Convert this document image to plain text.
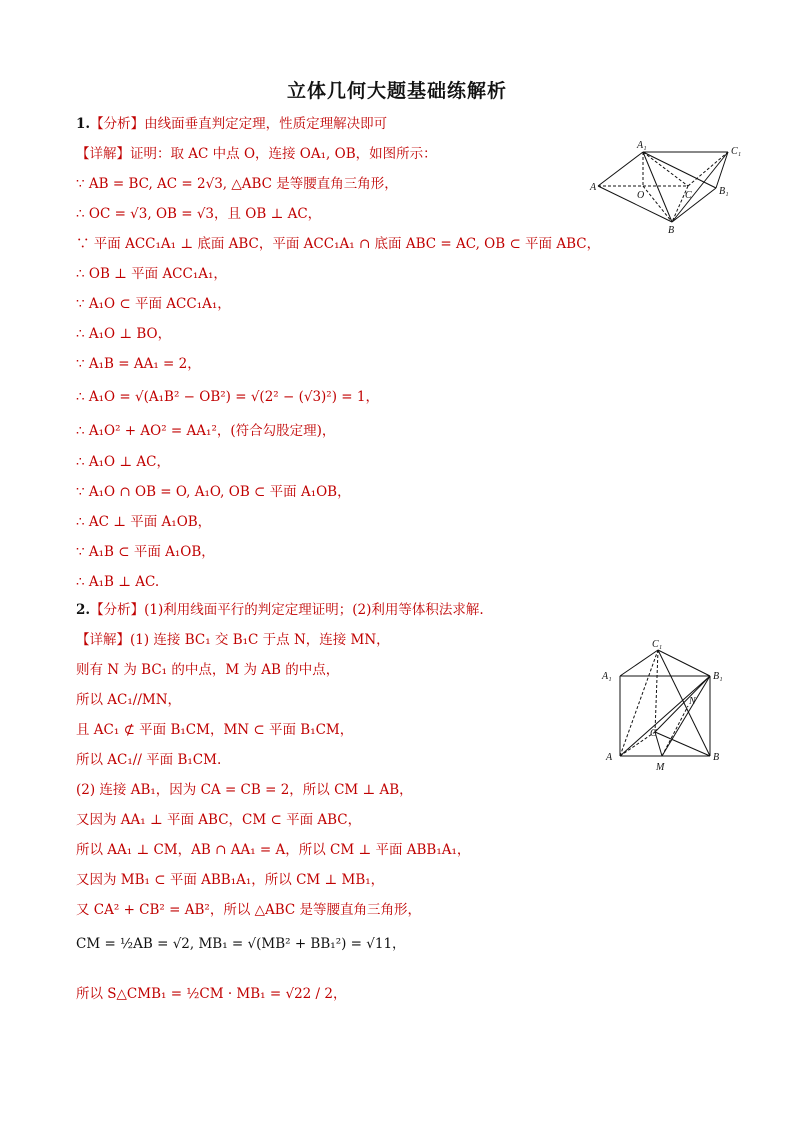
立体几何大题基础练解析
1.【分析】由线面垂直判定定理，性质定理解决即可
【详解】证明：取 AC 中点 O，连接 OA₁, OB，如图所示：
∵ AB = BC, AC = 2√3, △ABC 是等腰直角三角形，
∴ OC = √3, OB = √3，且 OB ⊥ AC，
∵ 平面 ACC₁A₁ ⊥ 底面 ABC，平面 ACC₁A₁ ∩ 底面 ABC = AC, OB ⊂ 平面 ABC，
∴ OB ⊥ 平面 ACC₁A₁，
∵ A₁O ⊂ 平面 ACC₁A₁，
∴ A₁O ⊥ BO，
∵ A₁B = AA₁ = 2，
∴ A₁O = √(A₁B² − OB²) = √(2² − (√3)²) = 1，
∴ A₁O² + AO² = AA₁²，(符合勾股定理)，
∴ A₁O ⊥ AC，
∵ A₁O ∩ OB = O, A₁O, OB ⊂ 平面 A₁OB，
∴ AC ⊥ 平面 A₁OB，
∵ A₁B ⊂ 平面 A₁OB，
∴ A₁B ⊥ AC.
A₁
C₁
A
O	C	B₁
B
2.【分析】(1)利用线面平行的判定定理证明；(2)利用等体积法求解.
【详解】(1) 连接 BC₁ 交 B₁C 于点 N，连接 MN，
则有 N 为 BC₁ 的中点，M 为 AB 的中点，
所以 AC₁//MN，
且 AC₁ ⊄ 平面 B₁CM，MN ⊂ 平面 B₁CM，
所以 AC₁// 平面 B₁CM.
(2) 连接 AB₁，因为 CA = CB = 2，所以 CM ⊥ AB，
又因为 AA₁ ⊥ 平面 ABC，CM ⊂ 平面 ABC，
所以 AA₁ ⊥ CM，AB ∩ AA₁ = A，所以 CM ⊥ 平面 ABB₁A₁，
又因为 MB₁ ⊂ 平面 ABB₁A₁，所以 CM ⊥ MB₁，
又 CA² + CB² = AB²，所以 △ABC 是等腰直角三角形，
CM = ½AB = √2, MB₁ = √(MB² + BB₁²) = √11，
所以 S△CMB₁ = ½CM · MB₁ = √22 / 2，
C₁
A₁	B₁
N
C
A	B
M
